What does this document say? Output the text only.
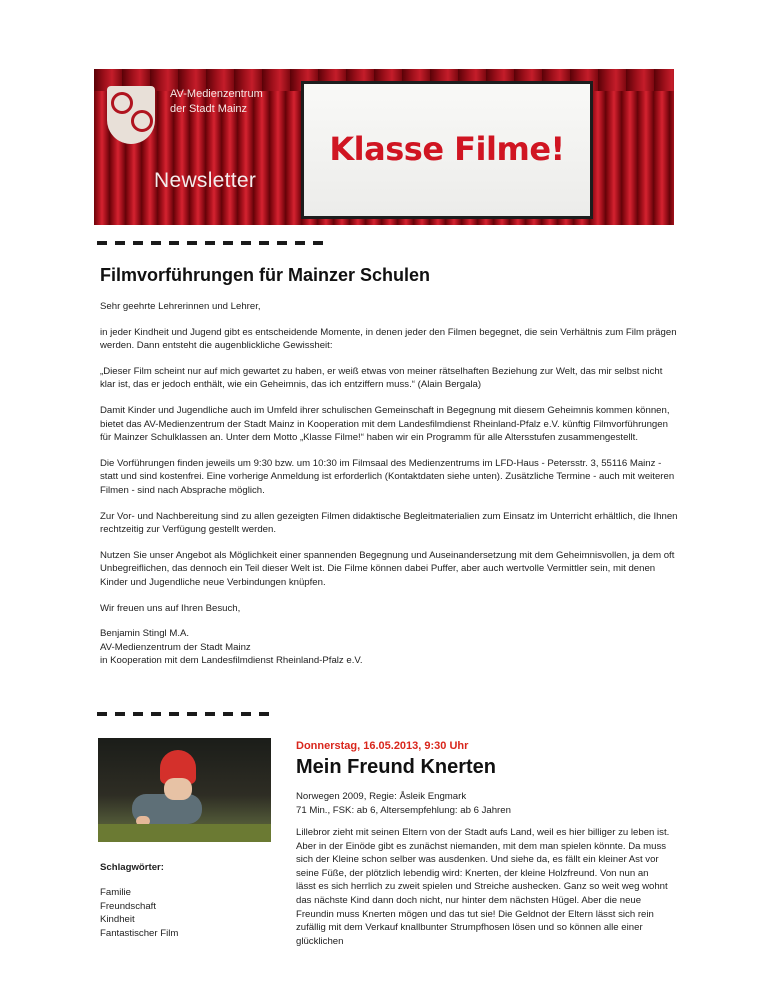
AV-Medienzentrum
der Stadt Mainz
Newsletter
Klasse Filme!
Filmvorführungen für Mainzer Schulen

Sehr geehrte Lehrerinnen und Lehrer,

in jeder Kindheit und Jugend gibt es entscheidende Momente, in denen jeder den Filmen begegnet, die sein Verhältnis zum Film prägen werden. Dann entsteht die augenblickliche Gewissheit:

„Dieser Film scheint nur auf mich gewartet zu haben, er weiß etwas von meiner rätselhaften Beziehung zur Welt, das mir selbst nicht klar ist, das er jedoch enthält, wie ein Geheimnis, das ich entziffern muss.“ (Alain Bergala)

Damit Kinder und Jugendliche auch im Umfeld ihrer schulischen Gemeinschaft in Begegnung mit diesem Geheimnis kommen können, bietet das AV-Medienzentrum der Stadt Mainz in Kooperation mit dem Landesfilmdienst Rheinland-Pfalz e.V. künftig Filmvorführungen für Mainzer Schulklassen an. Unter dem Motto „Klasse Filme!“ haben wir ein Programm für alle Altersstufen zusammengestellt.

Die Vorführungen finden jeweils um 9:30 bzw. um 10:30 im Filmsaal des Medienzentrums im LFD-Haus - Petersstr. 3, 55116 Mainz - statt und sind kostenfrei. Eine vorherige Anmeldung ist erforderlich (Kontaktdaten siehe unten). Zusätzliche Termine - auch mit weiteren Filmen - sind nach Absprache möglich.

Zur Vor- und Nachbereitung sind zu allen gezeigten Filmen didaktische Begleitmaterialien zum Einsatz im Unterricht erhältlich, die Ihnen rechtzeitig zur Verfügung gestellt werden.

Nutzen Sie unser Angebot als Möglichkeit einer spannenden Begegnung und Auseinandersetzung mit dem Geheimnisvollen, ja dem oft Unbegreiflichen, das dennoch ein Teil dieser Welt ist. Die Filme können dabei Puffer, aber auch wertvolle Vermittler sein, mit denen Kinder und Jugendliche neue Verbindungen knüpfen.

Wir freuen uns auf Ihren Besuch,

Benjamin Stingl M.A.
AV-Medienzentrum der Stadt Mainz
in Kooperation mit dem Landesfilmdienst Rheinland-Pfalz e.V.
Schlagwörter:
Familie
Freundschaft
Kindheit
Fantastischer Film
Donnerstag, 16.05.2013, 9:30 Uhr
Mein Freund Knerten
Norwegen 2009, Regie: Åsleik Engmark
71 Min., FSK: ab 6, Altersempfehlung: ab 6 Jahren
Lillebror zieht mit seinen Eltern von der Stadt aufs Land, weil es hier billiger zu leben ist. Aber in der Einöde gibt es zunächst niemanden, mit dem man spielen könnte. Da muss sich der Kleine schon selber was ausdenken. Und siehe da, es fällt ein kleiner Ast vor seine Füße, der plötzlich lebendig wird: Knerten, der kleine Holzfreund. Von nun an lässt es sich herrlich zu zweit spielen und Streiche aushecken. Ganz so weit weg wohnt das nächste Kind dann doch nicht, nur hinter dem nächsten Hügel. Aber die neue Freundin muss Knerten mögen und das tut sie! Die Geldnot der Eltern lässt sich rein zufällig mit dem Verkauf knallbunter Strumpfhosen lösen und so können alle einer glücklichen
